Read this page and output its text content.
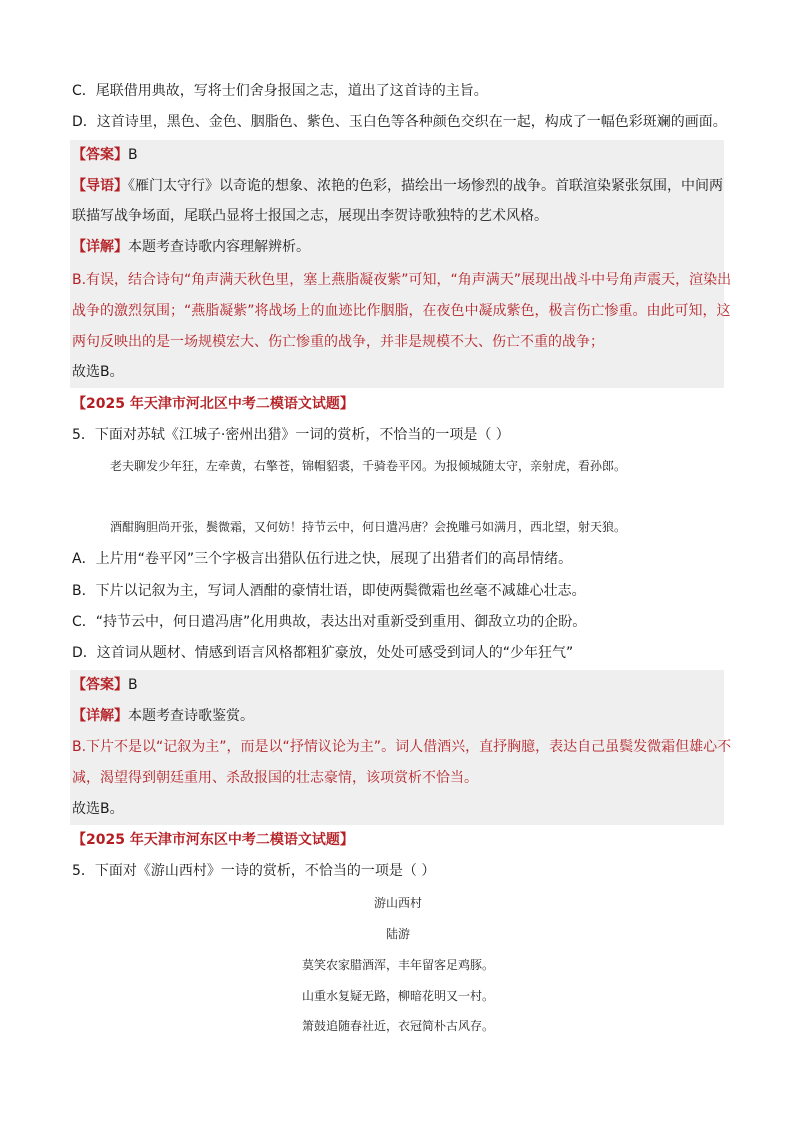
C．尾联借用典故，写将士们舍身报国之志，道出了这首诗的主旨。
D．这首诗里，黑色、金色、胭脂色、紫色、玉白色等各种颜色交织在一起，构成了一幅色彩斑斓的画面。
【答案】B
【导语】《雁门太守行》以奇诡的想象、浓艳的色彩，描绘出一场惨烈的战争。首联渲染紧张氛围，中间两
联描写战争场面，尾联凸显将士报国之志，展现出李贺诗歌独特的艺术风格。
【详解】本题考查诗歌内容理解辨析。
B.有误，结合诗句“角声满天秋色里，塞上燕脂凝夜紫”可知，“角声满天”展现出战斗中号角声震天，渲染出
战争的激烈氛围；“燕脂凝紫”将战场上的血迹比作胭脂，在夜色中凝成紫色，极言伤亡惨重。由此可知，这
两句反映出的是一场规模宏大、伤亡惨重的战争，并非是规模不大、伤亡不重的战争；
故选B。
【2025 年天津市河北区中考二模语文试题】
5．下面对苏轼《江城子·密州出猎》一词的赏析，不恰当的一项是（ ）
老夫聊发少年狂，左牵黄，右擎苍，锦帽貂裘，千骑卷平冈。为报倾城随太守，亲射虎，看孙郎。
酒酣胸胆尚开张，鬓微霜，又何妨！持节云中，何日遣冯唐？会挽雕弓如满月，西北望，射天狼。
A．上片用“卷平冈”三个字极言出猎队伍行进之快，展现了出猎者们的高昂情绪。
B．下片以记叙为主，写词人酒酣的豪情壮语，即使两鬓微霜也丝毫不减雄心壮志。
C．“持节云中，何日遣冯唐”化用典故，表达出对重新受到重用、御敌立功的企盼。
D．这首词从题材、情感到语言风格都粗犷豪放，处处可感受到词人的“少年狂气”
【答案】B
【详解】本题考查诗歌鉴赏。
B.下片不是以“记叙为主”，而是以“抒情议论为主”。词人借酒兴，直抒胸臆，表达自己虽鬓发微霜但雄心不
减，渴望得到朝廷重用、杀敌报国的壮志豪情，该项赏析不恰当。
故选B。
【2025 年天津市河东区中考二模语文试题】
5．下面对《游山西村》一诗的赏析，不恰当的一项是（ ）
游山西村
陆游
莫笑农家腊酒浑，丰年留客足鸡豚。
山重水复疑无路，柳暗花明又一村。
箫鼓追随春社近，衣冠简朴古风存。
